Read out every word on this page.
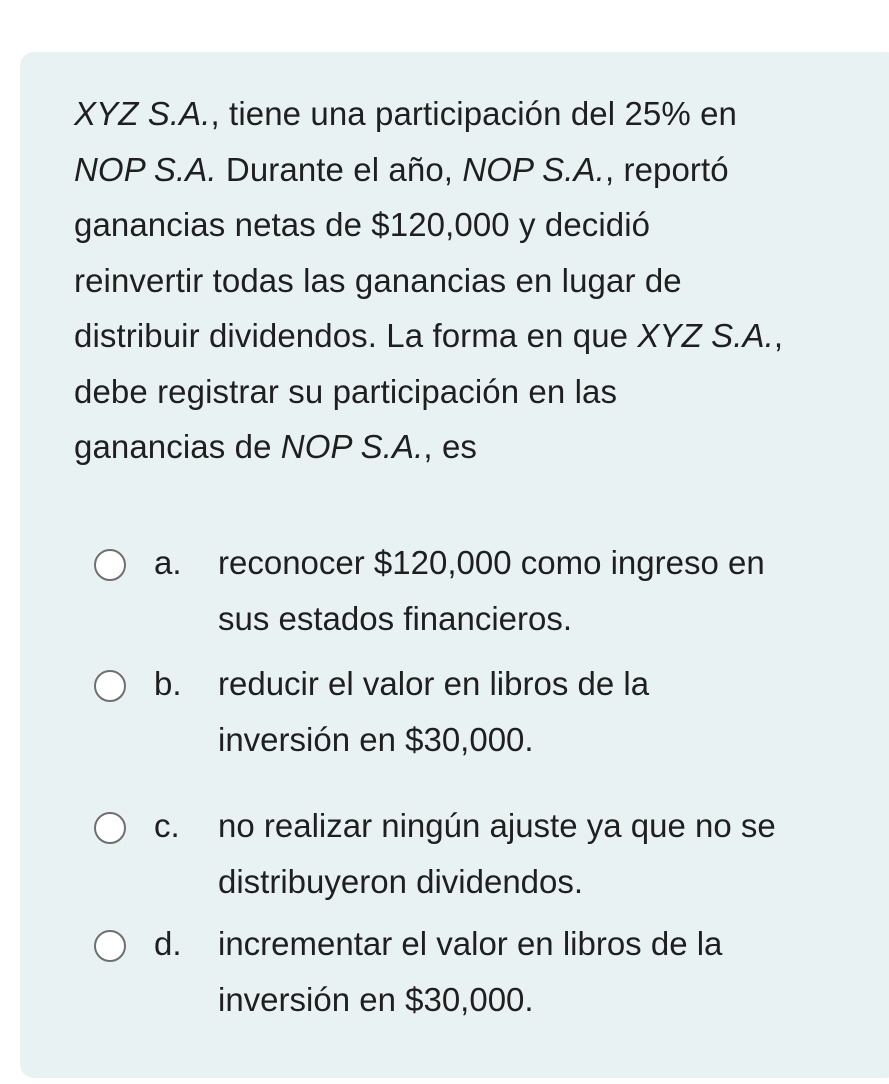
XYZ S.A., tiene una participación del 25% en
NOP S.A. Durante el año, NOP S.A., reportó
ganancias netas de $120,000 y decidió
reinvertir todas las ganancias en lugar de
distribuir dividendos. La forma en que XYZ S.A.,
debe registrar su participación en las
ganancias de NOP S.A., es
a. reconocer $120,000 como ingreso en
sus estados financieros.
b. reducir el valor en libros de la
inversión en $30,000.
c. no realizar ningún ajuste ya que no se
distribuyeron dividendos.
d. incrementar el valor en libros de la
inversión en $30,000.
